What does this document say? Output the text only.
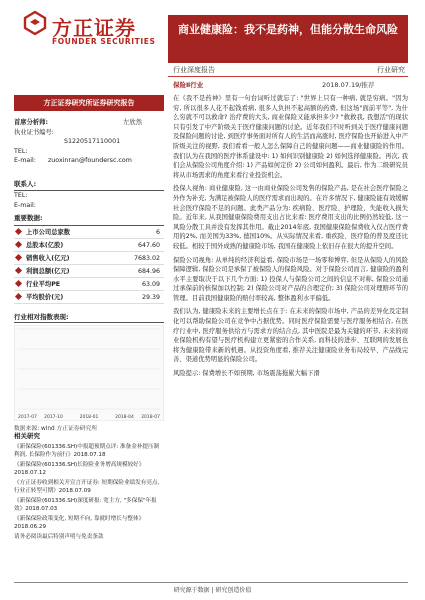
方正证券
FOUNDER SECURITIES
商业健康险：我不是药神，但能分散生命风险
行业深度报告	行业研究
保险Ⅱ行业	2018.07.19/推荐
方正证券研究所证券研究报告
首席分析师:	左欣然
执业证书编号:
S1220517110001
TEL:
E-mail: zuoxinran@foundersc.com
联系人:
TEL:
E-mail:
重要数据:
上市公司总家数	6
总股本(亿股)	647.60
销售收入(亿元)	7683.02
利润总额(亿元)	684.96
行业平均PE	63.09
平均股价(元)	29.39
行业相对指数表现:
2017-07 2017-10	2018-01	2018-04 2018-07
数据来源: wind 方正证券研究所
相关研究

《新保保险(601336.SH)中报超预期点评: 准备金补提压制利润, 长保险作为前行》2018.07.18

《新保保险(601336.SH)长险险业务增高规模较好》2018.07.12

《方正证券收到相关开宣言开证券: 短期保险业绩发有亮点, 行业正转型可期》2018.07.09

《新保保险(601336.SH)深度研报: 宽主方, "多保保"年报效》2018.07.03

《新保保险政策变化, 短期不向, 靠就时增长与整体》2018.06.29

请务必阅读最后特别声明与免责条款

在《我不是药神》里有一句台词听过就忘了: "世界上只有一种病, 就是穷病。"因为穷, 所以很多人花不起钱看病, 很多人负担不起高额的药费, 但这场"面前平等", 为什么穷就不可以救命? 治疗费的大头, 商业保险又能承担多少? "救救我, 我想活"的现状只有引发了中产阶级关于医疗健康问题的讨论。近年我们不时听到关于医疗健康问题及保险问题的讨论, 到医疗事务面对所有人的生活而高涨时, 医疗保险也开始进入中产阶级关注的视野, 我们看看一般人怎么保障自己的健康问题——商业健康险的作用。我们认为在我国的医疗体系建设中: 1) 如何识别健康险 2) 如何选择健康险。再次, 我们会从保险公司角度介绍: 1) 产品如何定价 2) 公司如何盈利。最后, 作为二级研究员将从市场需求的角度来看行业投资机会。

投保人视角: 商业健康险, 这一由商业保险公司发售的保险产品, 是在社会医疗保险之外作为补充, 为满足被保险人的医疗需求而出现的。在许多情况下, 健康险能有效缓解社会医疗保险不足的问题。此类产品分为: 疾病险、医疗险、护理险、失能收入损失险。近年来, 从我国健康保险费用支出占比来看: 医疗费用支出的比例仍然较低, 这一风险分散工具并没有发挥其作用。截止2014年底, 我国健康保险保费收入仅占医疗费用的2%, 而美国为33%, 德国10%。从实际情况来看, 重疾险、医疗险的普及度还比较低。相较于国外成熟的健康险市场, 我国在健康险上依旧存在很大的提升空间。

保险公司视角: 从单纯的经济利益看, 保险市场是一场零和博弈, 但是从保险人的风险保障逻辑, 保险公司是承保了被保险人的保险风险。对于保险公司而言, 健康险的盈利水平主要取决于以下几个方面: 1) 投保人与保险公司之间的信息不对称, 保险公司通过承保前的核保加以控制; 2) 保险公司对产品的合理定价; 3) 保险公司对理赔环节的管理。目前我国健康险的赔付率较高, 整体盈利水平偏低。

我们认为, 健康险未来的主要增长点在于: 在未来的保险市场中, 产品的差异化及定制化可以帮助保险公司在竞争中占据优势。同时医疗保险需要与医疗服务相结合, 在医疗行业中, 医疗服务供给方与需求方的结合点, 其中医院是最为关键的环节, 未来的商业保险机构有望与医疗机构建立更紧密的合作关系, 而科技的进步、互联网的发展也将为健康险带来新的机遇。从投资角度看, 推荐关注健康险业务布局较早、产品线完善、渠道优势明显的保险公司。

风险提示: 保费增长不如预期, 市场震荡拖累大幅下滑

研究源于数据 | 研究创造价值
